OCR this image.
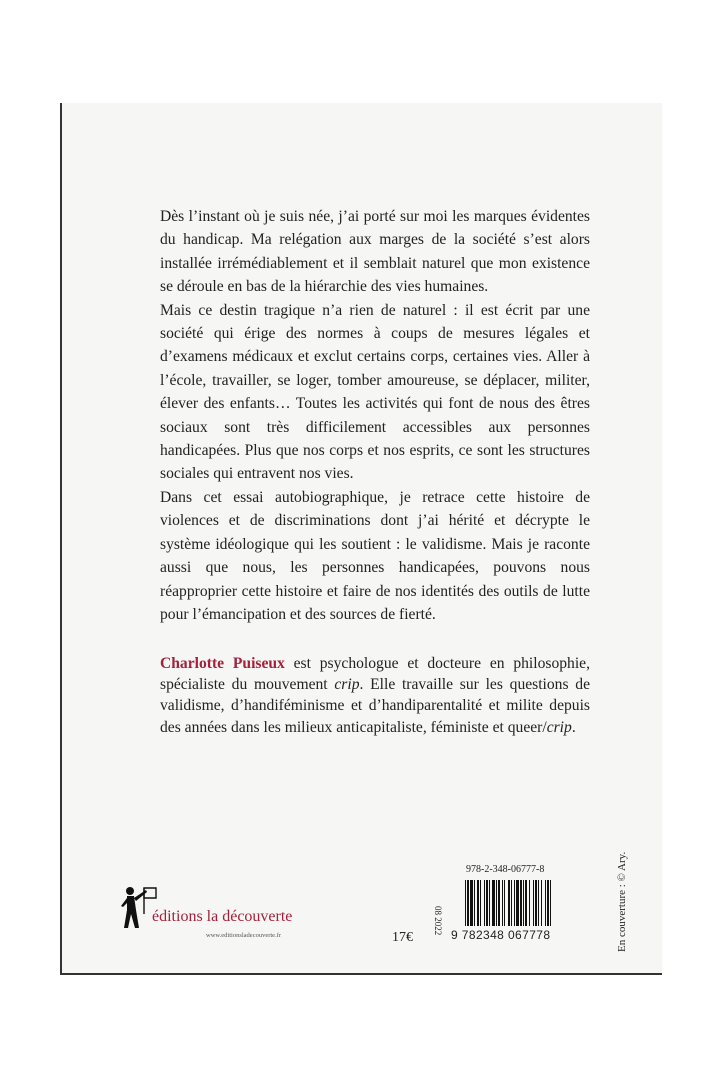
Dès l’instant où je suis née, j’ai porté sur moi les marques évidentes du handicap. Ma relégation aux marges de la société s’est alors installée irrémédiablement et il semblait naturel que mon existence se déroule en bas de la hiérarchie des vies humaines.

Mais ce destin tragique n’a rien de naturel : il est écrit par une société qui érige des normes à coups de mesures légales et d’examens médicaux et exclut certains corps, certaines vies. Aller à l’école, travailler, se loger, tomber amoureuse, se déplacer, militer, élever des enfants… Toutes les activités qui font de nous des êtres sociaux sont très difficilement accessibles aux personnes handicapées. Plus que nos corps et nos esprits, ce sont les structures sociales qui entravent nos vies.

Dans cet essai autobiographique, je retrace cette histoire de violences et de discriminations dont j’ai hérité et décrypte le système idéologique qui les soutient : le validisme. Mais je raconte aussi que nous, les personnes handicapées, pouvons nous réapproprier cette histoire et faire de nos identités des outils de lutte pour l’émancipation et des sources de fierté.

Charlotte Puiseux est psychologue et docteure en philosophie, spécialiste du mouvement crip. Elle travaille sur les questions de validisme, d’handiféminisme et d’handiparentalité et milite depuis des années dans les milieux anticapitaliste, féministe et queer/crip.

éditions la découverte
www.editionsladecouverte.fr	17€
08 2022
978-2-348-06777-8
9 782348 067778	En couverture : © Ary.
